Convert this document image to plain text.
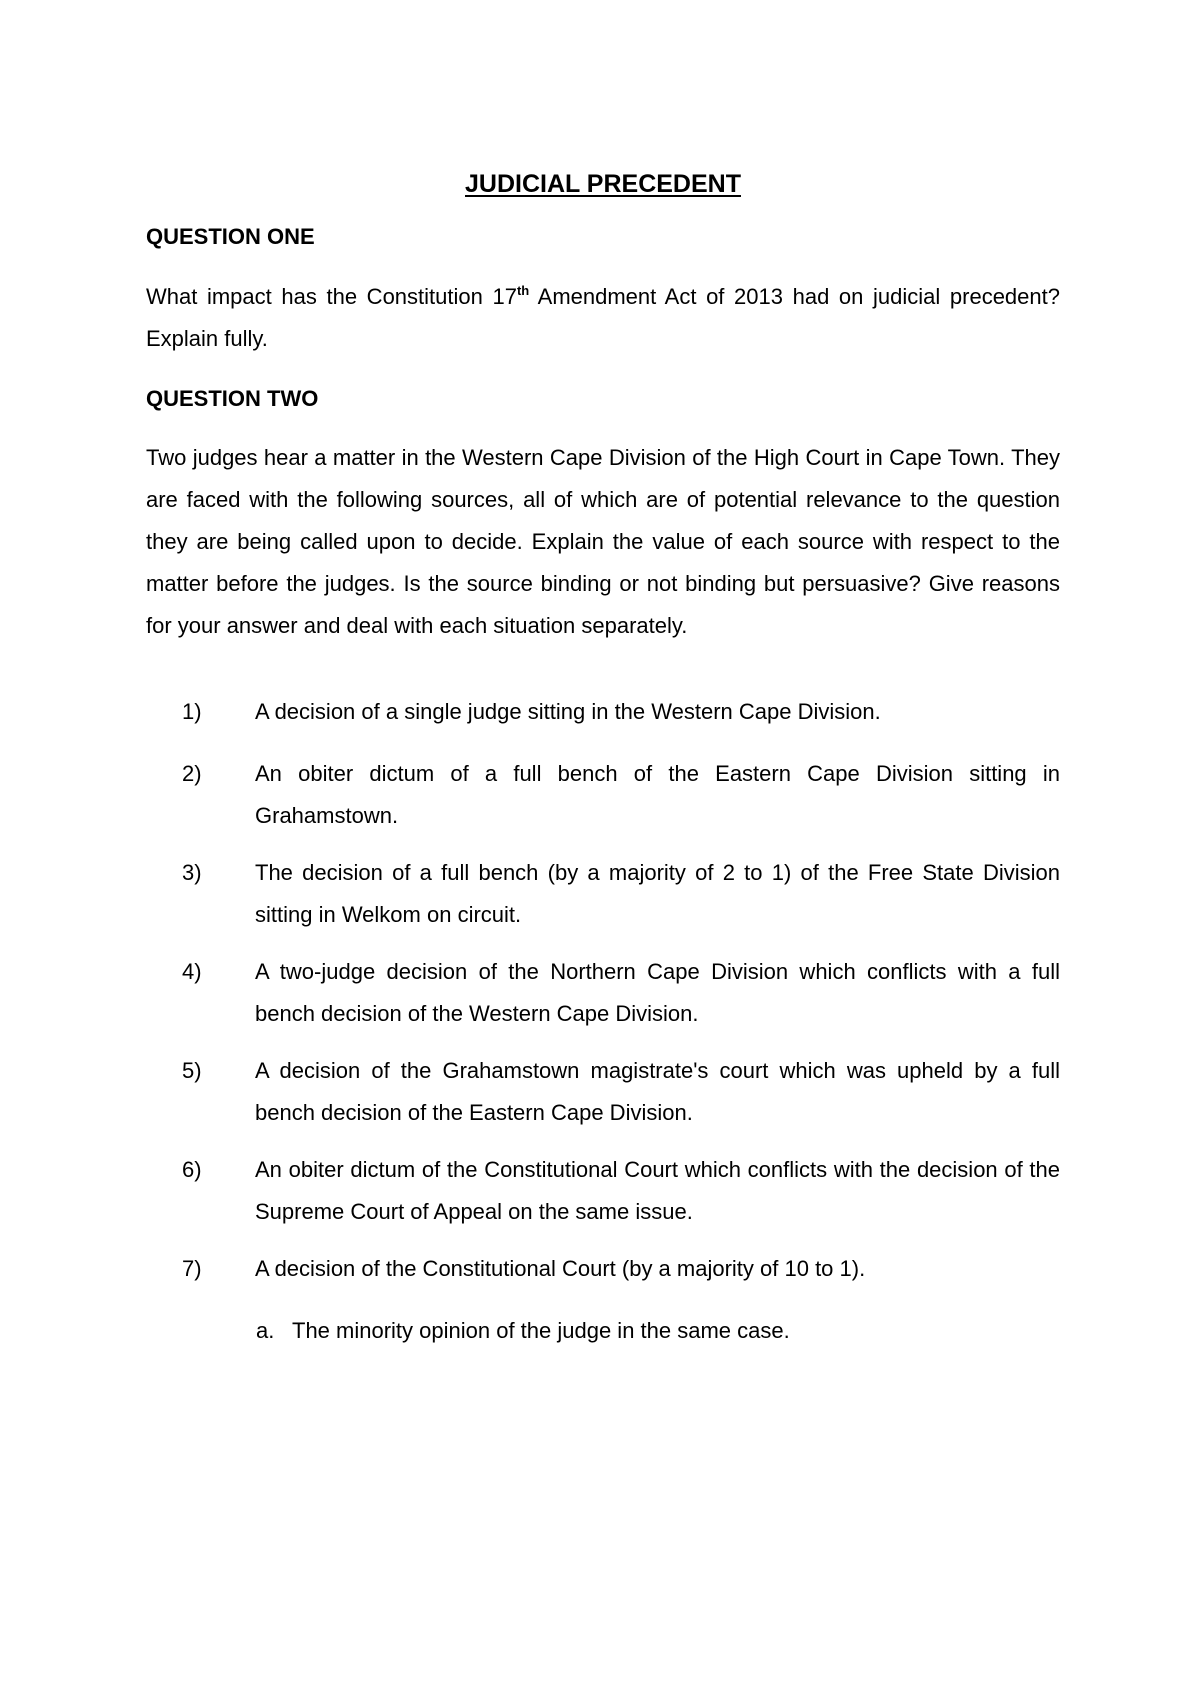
JUDICIAL PRECEDENT
QUESTION ONE

What impact has the Constitution 17th Amendment Act of 2013 had on judicial precedent? Explain fully.

QUESTION TWO

Two judges hear a matter in the Western Cape Division of the High Court in Cape Town. They are faced with the following sources, all of which are of potential relevance to the question they are being called upon to decide. Explain the value of each source with respect to the matter before the judges. Is the source binding or not binding but persuasive? Give reasons for your answer and deal with each situation separately.

1)	A decision of a single judge sitting in the Western Cape Division.
2)	An obiter dictum of a full bench of the Eastern Cape Division sitting in Grahamstown.
3)	The decision of a full bench (by a majority of 2 to 1) of the Free State Division sitting in Welkom on circuit.
4)	A two-judge decision of the Northern Cape Division which conflicts with a full bench decision of the Western Cape Division.
5)	A decision of the Grahamstown magistrate's court which was upheld by a full bench decision of the Eastern Cape Division.
6)	An obiter dictum of the Constitutional Court which conflicts with the decision of the Supreme Court of Appeal on the same issue.
7)	A decision of the Constitutional Court (by a majority of 10 to 1).
a. The minority opinion of the judge in the same case.
